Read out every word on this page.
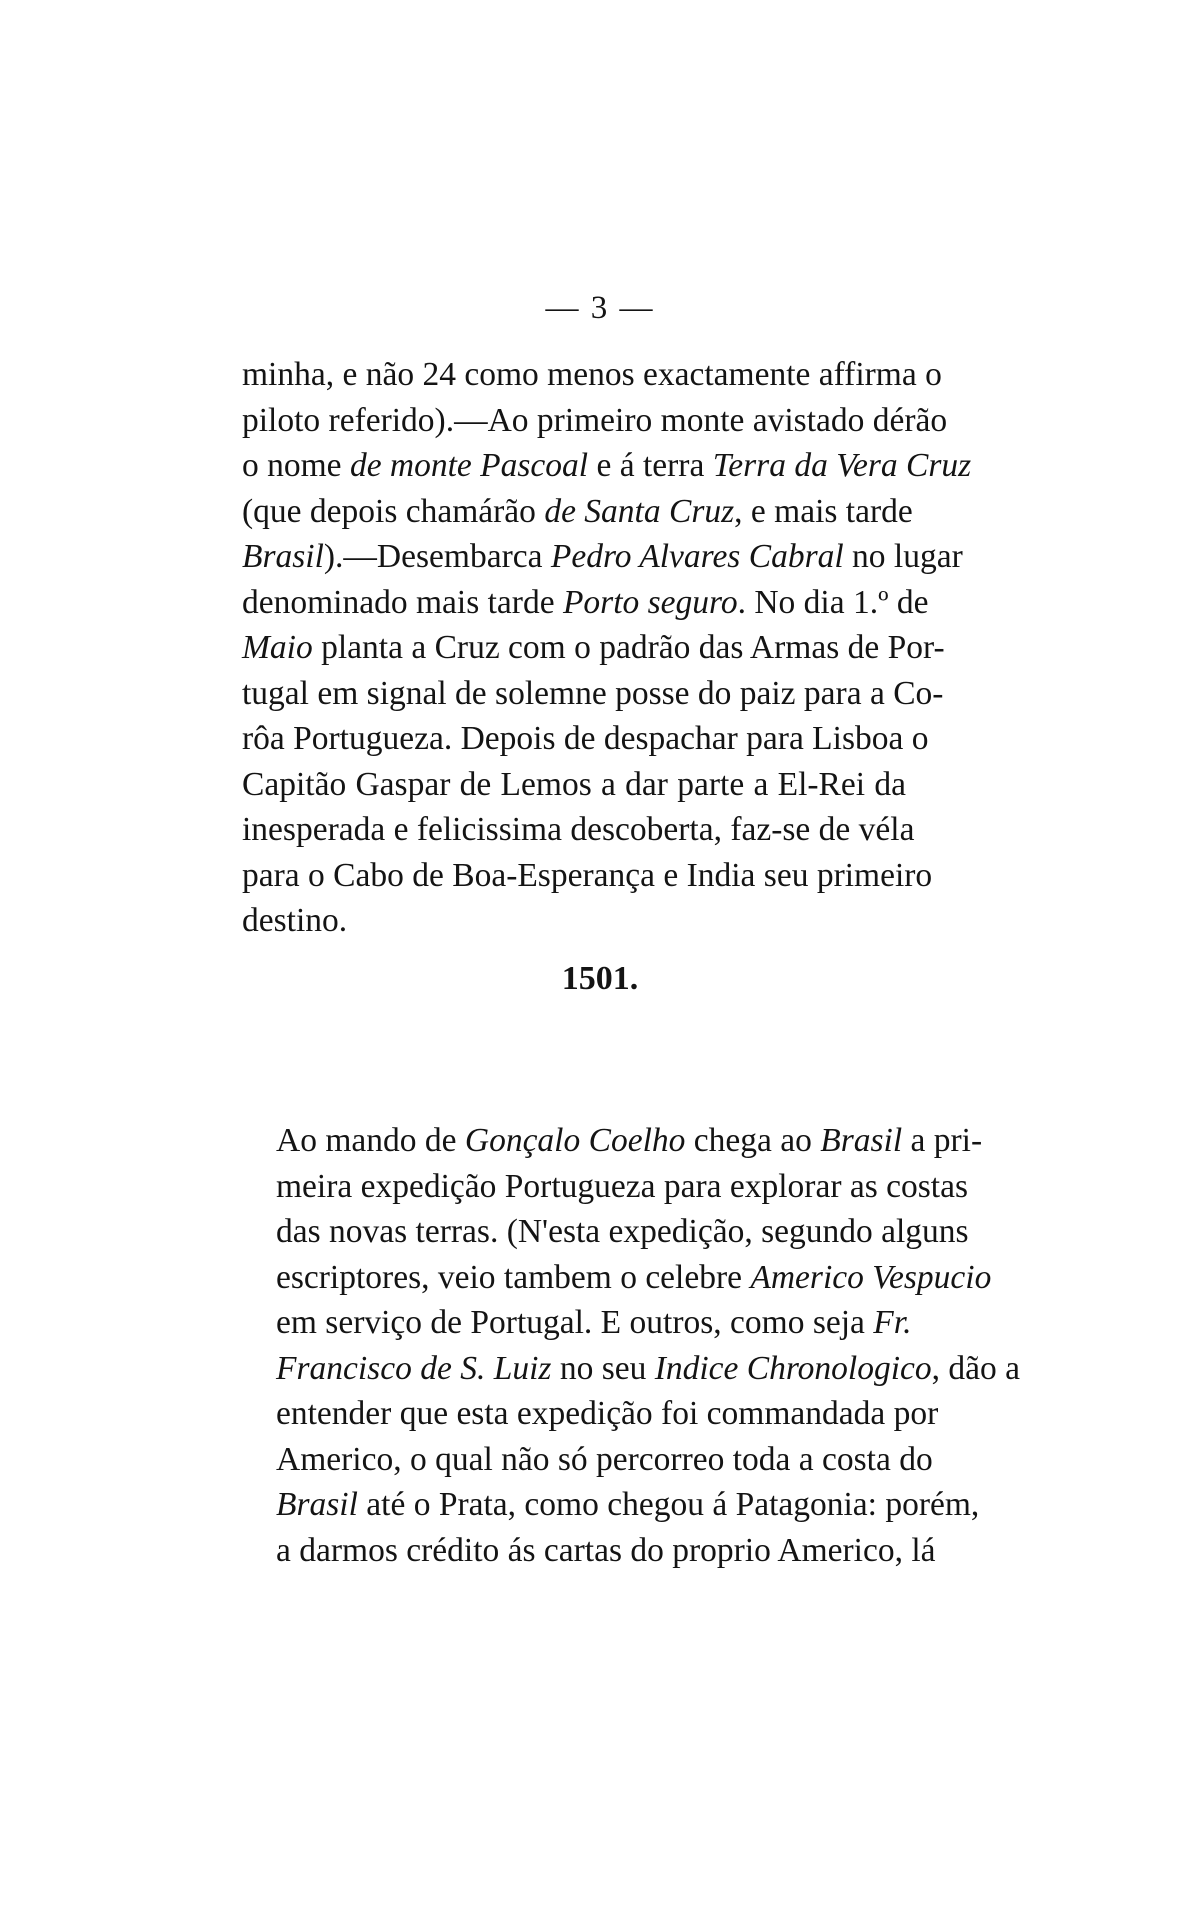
— 3 —

minha, e não 24 como menos exactamente affirma o
piloto referido).—Ao primeiro monte avistado dérão
o nome de monte Pascoal e á terra Terra da Vera Cruz
(que depois chamárão de Santa Cruz, e mais tarde
Brasil).—Desembarca Pedro Alvares Cabral no lugar
denominado mais tarde Porto seguro. No dia 1.º de
Maio planta a Cruz com o padrão das Armas de Por-
tugal em signal de solemne posse do paiz para a Co-
rôa Portugueza. Depois de despachar para Lisboa o
Capitão Gaspar de Lemos a dar parte a El-Rei da
inesperada e felicissima descoberta, faz-se de véla
para o Cabo de Boa-Esperança e India seu primeiro
destino.

1501.

Ao mando de Gonçalo Coelho chega ao Brasil a pri-
meira expedição Portugueza para explorar as costas
das novas terras. (N'esta expedição, segundo alguns
escriptores, veio tambem o celebre Americo Vespucio
em serviço de Portugal. E outros, como seja Fr.
Francisco de S. Luiz no seu Indice Chronologico, dão a
entender que esta expedição foi commandada por
Americo, o qual não só percorreo toda a costa do
Brasil até o Prata, como chegou á Patagonia: porém,
a darmos crédito ás cartas do proprio Americo, lá
